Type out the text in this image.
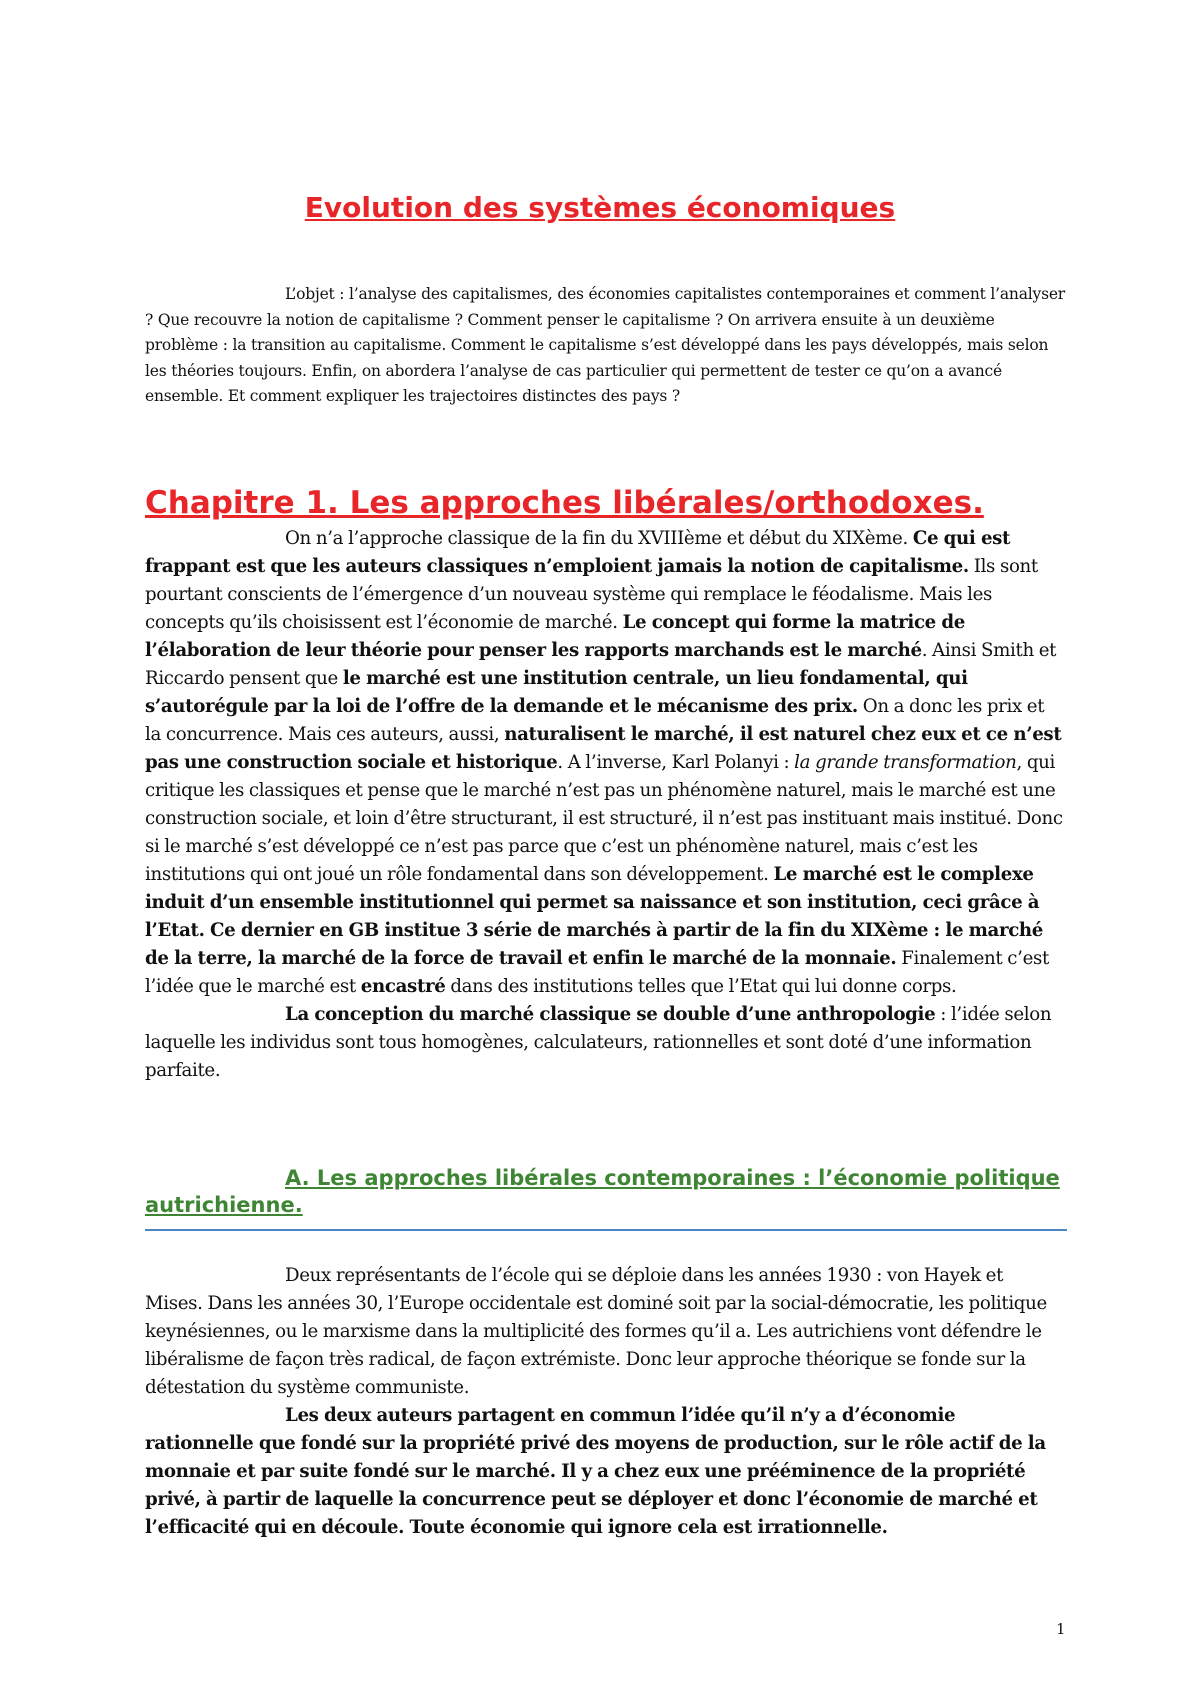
Evolution des systèmes économiques

L’objet : l’analyse des capitalismes, des économies capitalistes contemporaines et comment l’analyser ? Que recouvre la notion de capitalisme ? Comment penser le capitalisme ? On arrivera ensuite à un deuxième problème : la transition au capitalisme. Comment le capitalisme s’est développé dans les pays développés, mais selon les théories toujours. Enfin, on abordera l’analyse de cas particulier qui permettent de tester ce qu’on a avancé ensemble. Et comment expliquer les trajectoires distinctes des pays ?

Chapitre 1. Les approches libérales/orthodoxes.

On n’a l’approche classique de la fin du XVIIIème et début du XIXème. Ce qui est frappant est que les auteurs classiques n’emploient jamais la notion de capitalisme. Ils sont pourtant conscients de l’émergence d’un nouveau système qui remplace le féodalisme. Mais les concepts qu’ils choisissent est l’économie de marché. Le concept qui forme la matrice de l’élaboration de leur théorie pour penser les rapports marchands est le marché. Ainsi Smith et Riccardo pensent que le marché est une institution centrale, un lieu fondamental, qui s’autorégule par la loi de l’offre de la demande et le mécanisme des prix. On a donc les prix et la concurrence. Mais ces auteurs, aussi, naturalisent le marché, il est naturel chez eux et ce n’est pas une construction sociale et historique. A l’inverse, Karl Polanyi : la grande transformation, qui critique les classiques et pense que le marché n’est pas un phénomène naturel, mais le marché est une construction sociale, et loin d’être structurant, il est structuré, il n’est pas instituant mais institué. Donc si le marché s’est développé ce n’est pas parce que c’est un phénomène naturel, mais c’est les institutions qui ont joué un rôle fondamental dans son développement. Le marché est le complexe induit d’un ensemble institutionnel qui permet sa naissance et son institution, ceci grâce à l’Etat. Ce dernier en GB institue 3 série de marchés à partir de la fin du XIXème : le marché de la terre, la marché de la force de travail et enfin le marché de la monnaie. Finalement c’est l’idée que le marché est encastré dans des institutions telles que l’Etat qui lui donne corps.

La conception du marché classique se double d’une anthropologie : l’idée selon laquelle les individus sont tous homogènes, calculateurs, rationnelles et sont doté d’une information parfaite.

A. Les approches libérales contemporaines : l’économie politique autrichienne.

Deux représentants de l’école qui se déploie dans les années 1930 : von Hayek et Mises. Dans les années 30, l’Europe occidentale est dominé soit par la social-démocratie, les politique keynésiennes, ou le marxisme dans la multiplicité des formes qu’il a. Les autrichiens vont défendre le libéralisme de façon très radical, de façon extrémiste. Donc leur approche théorique se fonde sur la détestation du système communiste.

Les deux auteurs partagent en commun l’idée qu’il n’y a d’économie rationnelle que fondé sur la propriété privé des moyens de production, sur le rôle actif de la monnaie et par suite fondé sur le marché. Il y a chez eux une prééminence de la propriété privé, à partir de laquelle la concurrence peut se déployer et donc l’économie de marché et l’efficacité qui en découle. Toute économie qui ignore cela est irrationnelle.

1
